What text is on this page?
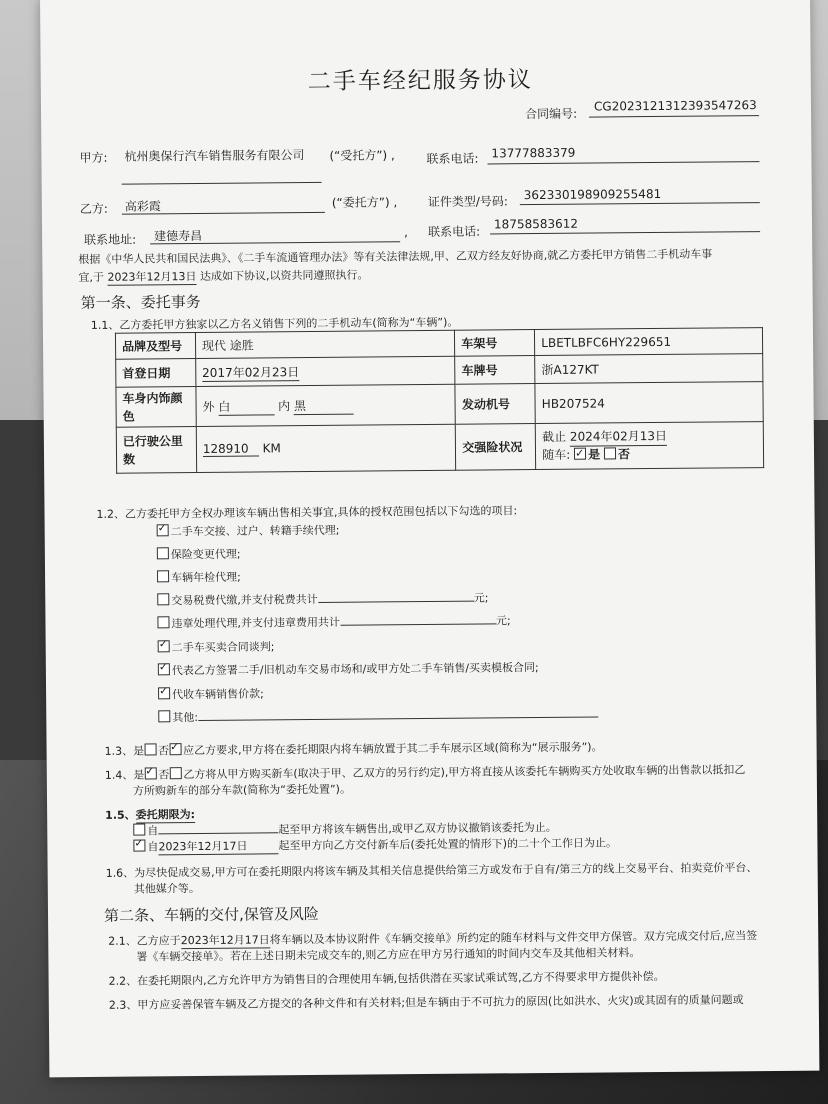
二手车经纪服务协议
合同编号:
CG2023121312393547263
甲方: 杭州奥保行汽车销售服务有限公司 (“受托方”) ,	联系电话: 13777883379
乙方: 高彩霞	(“委托方”) ,	证件类型/号码: 362330198909255481
联系地址: 建德寿昌	, 联系电话:
18758583612
根据《中华人民共和国民法典》、《二手车流通管理办法》等有关法律法规,甲、乙双方经友好协商,就乙方委托甲方销售二手机动车事
宜,于 2023年12月13日 达成如下协议,以资共同遵照执行。
第一条、委托事务
1.1、乙方委托甲方独家以乙方名义销售下列的二手机动车(简称为“车辆”)。
品牌及型号	现代 途胜	车架号	LBETLBFC6HY229651
首登日期	2017年02月23日	车牌号	浙A127KT
车身内饰颜色	外 白 内 黑	发动机号	HB207524
已行驶公里数	128910 KM	交强险状况	截止 2024年02月13日
随车: ✓ 是 否
1.2、乙方委托甲方全权办理该车辆出售相关事宜,具体的授权范围包括以下勾选的项目:
✓二手车交接、过户、转籍手续代理;
保险变更代理;
车辆年检代理;
交易税费代缴,并支付税费共计	元;
违章处理代理,并支付违章费用共计	元;
✓二手车买卖合同谈判;
✓代表乙方签署二手/旧机动车交易市场和/或甲方处二手车销售/买卖模板合同;
✓代收车辆销售价款;
其他:
1.3、是 否 ✓ 应乙方要求,甲方将在委托期限内将车辆放置于其二手车展示区域(简称为“展示服务”)。
1.4、是 ✓ 否 乙方将从甲方购买新车(取决于甲、乙双方的另行约定),甲方将直接从该委托车辆购买方处收取车辆的出售款以抵扣乙
方所购新车的部分车款(简称为“委托处置”)。
1.5、委托期限为:
自	起至甲方将该车辆售出,或甲乙双方协议撤销该委托为止。
✓自2023年12月17日	起至甲方向乙方交付新车后(委托处置的情形下)的二十个工作日为止。
1.6、为尽快促成交易,甲方可在委托期限内将该车辆及其相关信息提供给第三方或发布于自有/第三方的线上交易平台、拍卖竞价平台、
其他媒介等。
第二条、车辆的交付,保管及风险
2.1、乙方应于2023年12月17日将车辆以及本协议附件《车辆交接单》所约定的随车材料与文件交甲方保管。双方完成交付后,应当签
署《车辆交接单》。若在上述日期未完成交车的,则乙方应在甲方另行通知的时间内交车及其他相关材料。
2.2、在委托期限内,乙方允许甲方为销售目的合理使用车辆,包括供潜在买家试乘试驾,乙方不得要求甲方提供补偿。
2.3、甲方应妥善保管车辆及乙方提交的各种文件和有关材料;但是车辆由于不可抗力的原因(比如洪水、火灾)或其固有的质量问题或
